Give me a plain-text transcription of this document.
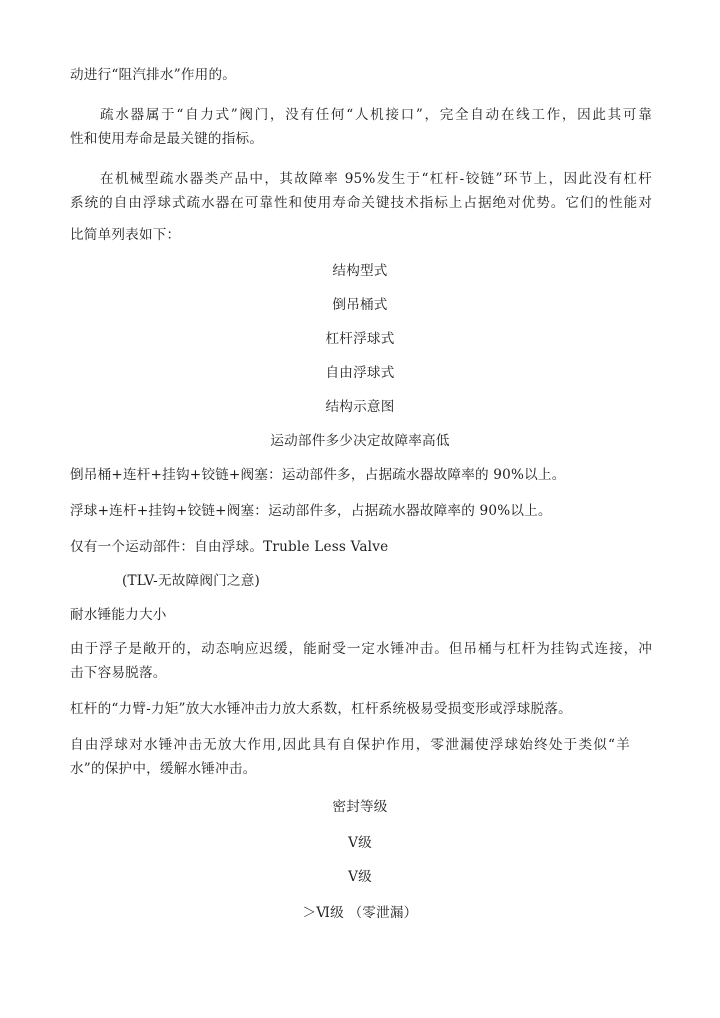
动进行“阻汽排水”作用的。
疏水器属于“自力式”阀门，没有任何“人机接口”，完全自动在线工作，因此其可靠
性和使用寿命是最关键的指标。
在机械型疏水器类产品中，其故障率 95%发生于“杠杆-铰链”环节上，因此没有杠杆
系统的自由浮球式疏水器在可靠性和使用寿命关键技术指标上占据绝对优势。它们的性能对
比简单列表如下：
结构型式
倒吊桶式
杠杆浮球式
自由浮球式
结构示意图
运动部件多少决定故障率高低
倒吊桶+连杆+挂钩+铰链+阀塞：运动部件多，占据疏水器故障率的 90%以上。
浮球+连杆+挂钩+铰链+阀塞：运动部件多，占据疏水器故障率的 90%以上。
仅有一个运动部件：自由浮球。Truble Less Valve
(TLV-无故障阀门之意)
耐水锤能力大小
由于浮子是敞开的，动态响应迟缓，能耐受一定水锤冲击。但吊桶与杠杆为挂钩式连接，冲
击下容易脱落。
杠杆的“力臂-力矩”放大水锤冲击力放大系数，杠杆系统极易受损变形或浮球脱落。
自由浮球对水锤冲击无放大作用,因此具有自保护作用，零泄漏使浮球始终处于类似“羊
水”的保护中，缓解水锤冲击。
密封等级
Ⅴ级
Ⅴ级
＞Ⅵ级 （零泄漏）
